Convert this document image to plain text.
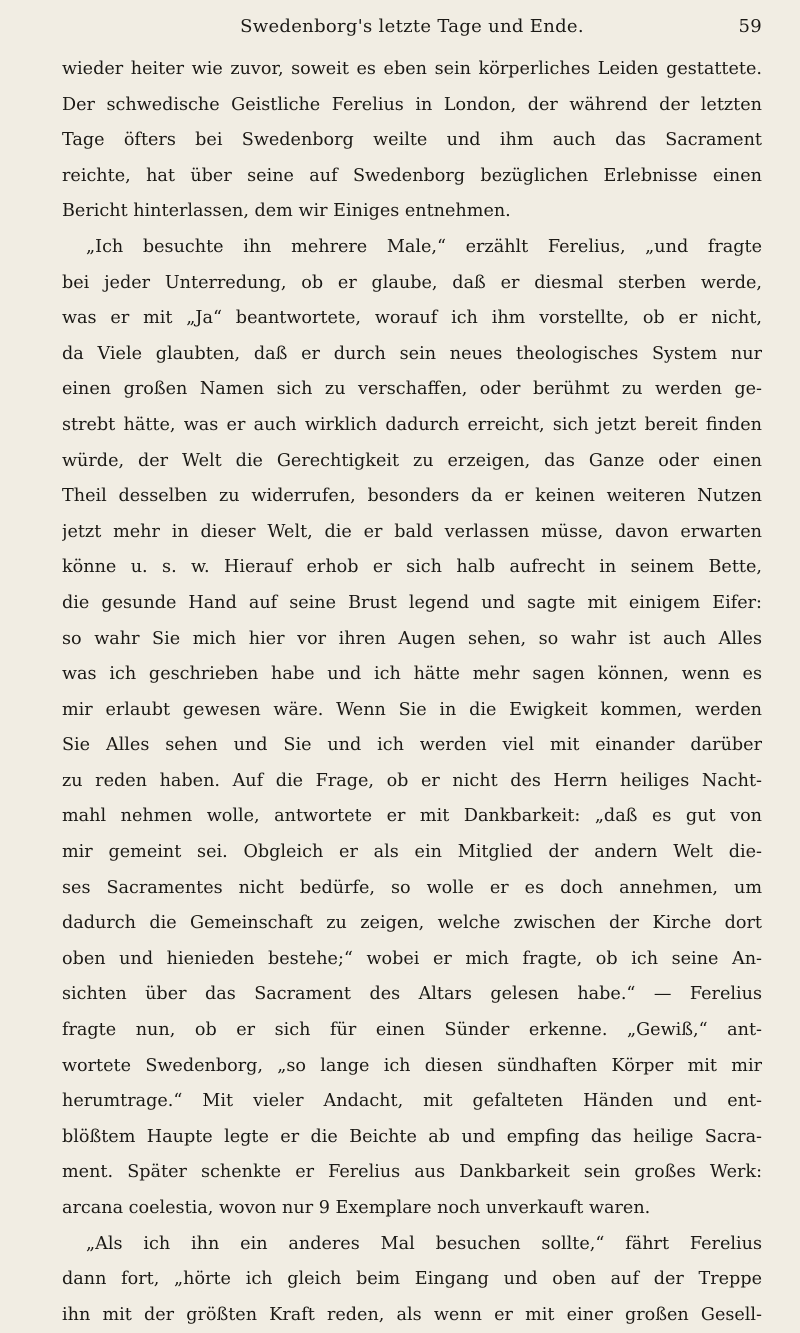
Swedenborg's letzte Tage und Ende.	59
wieder heiter wie zuvor, soweit es eben sein körperliches Leiden gestattete.
Der schwedische Geistliche Ferelius in London, der während der letzten
Tage öfters bei Swedenborg weilte und ihm auch das Sacrament
reichte, hat über seine auf Swedenborg bezüglichen Erlebnisse einen
Bericht hinterlassen, dem wir Einiges entnehmen.
„Ich besuchte ihn mehrere Male,“ erzählt Ferelius, „und fragte
bei jeder Unterredung, ob er glaube, daß er diesmal sterben werde,
was er mit „Ja“ beantwortete, worauf ich ihm vorstellte, ob er nicht,
da Viele glaubten, daß er durch sein neues theologisches System nur
einen großen Namen sich zu verschaffen, oder berühmt zu werden ge-
strebt hätte, was er auch wirklich dadurch erreicht, sich jetzt bereit finden
würde, der Welt die Gerechtigkeit zu erzeigen, das Ganze oder einen
Theil desselben zu widerrufen, besonders da er keinen weiteren Nutzen
jetzt mehr in dieser Welt, die er bald verlassen müsse, davon erwarten
könne u. s. w. Hierauf erhob er sich halb aufrecht in seinem Bette,
die gesunde Hand auf seine Brust legend und sagte mit einigem Eifer:
so wahr Sie mich hier vor ihren Augen sehen, so wahr ist auch Alles
was ich geschrieben habe und ich hätte mehr sagen können, wenn es
mir erlaubt gewesen wäre. Wenn Sie in die Ewigkeit kommen, werden
Sie Alles sehen und Sie und ich werden viel mit einander darüber
zu reden haben. Auf die Frage, ob er nicht des Herrn heiliges Nacht-
mahl nehmen wolle, antwortete er mit Dankbarkeit: „daß es gut von
mir gemeint sei. Obgleich er als ein Mitglied der andern Welt die-
ses Sacramentes nicht bedürfe, so wolle er es doch annehmen, um
dadurch die Gemeinschaft zu zeigen, welche zwischen der Kirche dort
oben und hienieden bestehe;“ wobei er mich fragte, ob ich seine An-
sichten über das Sacrament des Altars gelesen habe.“ — Ferelius
fragte nun, ob er sich für einen Sünder erkenne. „Gewiß,“ ant-
wortete Swedenborg, „so lange ich diesen sündhaften Körper mit mir
herumtrage.“ Mit vieler Andacht, mit gefalteten Händen und ent-
blößtem Haupte legte er die Beichte ab und empfing das heilige Sacra-
ment. Später schenkte er Ferelius aus Dankbarkeit sein großes Werk:
arcana coelestia, wovon nur 9 Exemplare noch unverkauft waren.
„Als ich ihn ein anderes Mal besuchen sollte,“ fährt Ferelius
dann fort, „hörte ich gleich beim Eingang und oben auf der Treppe
ihn mit der größten Kraft reden, als wenn er mit einer großen Gesell-
